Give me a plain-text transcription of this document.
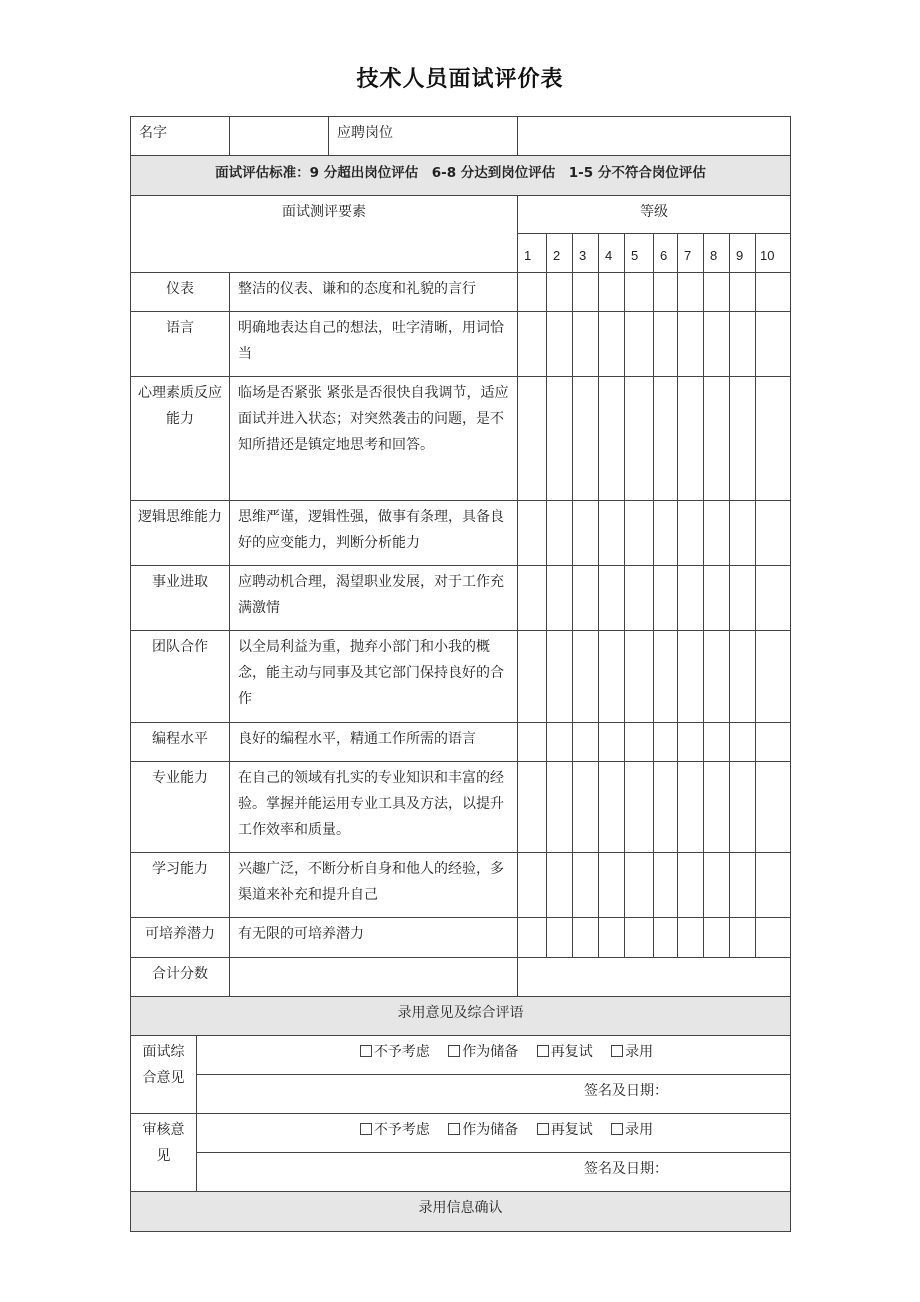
技术人员面试评价表
名字			应聘岗位										
面试评估标准：9 分超出岗位评估　6-8 分达到岗位评估　1-5 分不符合岗位评估													
面试测评要素				等级									
				1	2	3	4	5	6	7	8	9	10
仪表		整洁的仪表、谦和的态度和礼貌的言行											
语言		明确地表达自己的想法，吐字清晰，用词恰当											
心理素质反应能力		临场是否紧张 紧张是否很快自我调节，适应面试并进入状态；对突然袭击的问题，是不知所措还是镇定地思考和回答。											
逻辑思维能力		思维严谨，逻辑性强，做事有条理，具备良好的应变能力，判断分析能力											
事业进取		应聘动机合理，渴望职业发展，对于工作充满激情											
团队合作		以全局利益为重，抛弃小部门和小我的概念，能主动与同事及其它部门保持良好的合作											
编程水平		良好的编程水平，精通工作所需的语言											
专业能力		在自己的领域有扎实的专业知识和丰富的经验。掌握并能运用专业工具及方法，以提升工作效率和质量。											
学习能力		兴趣广泛，不断分析自身和他人的经验，多渠道来补充和提升自己											
可培养潜力		有无限的可培养潜力											
合计分数													
录用意见及综合评语													
面试综合意见	不予考虑 作为储备 再复试 录用												
	签名及日期：												
审核意见	不予考虑 作为储备 再复试 录用												
	签名及日期：												
录用信息确认													
